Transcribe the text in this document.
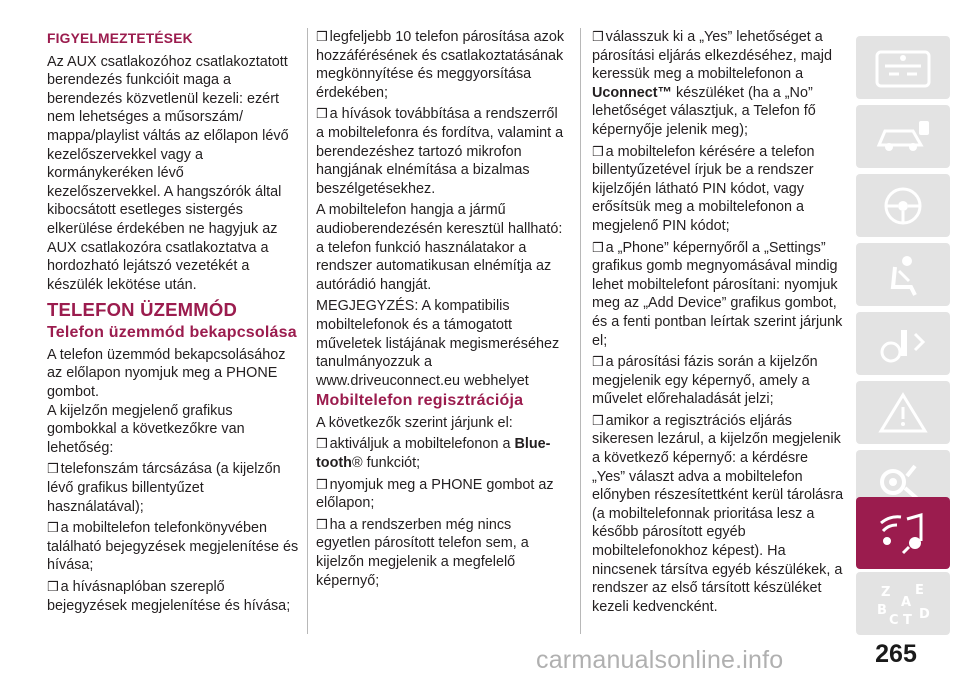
FIGYELMEZTETÉSEK

Az AUX csatlakozóhoz csatlakoztatott berendezés funkcióit maga a berendezés közvetlenül kezeli: ezért nem lehetséges a műsorszám/ mappa/playlist váltás az előlapon lévő kezelőszervekkel vagy a kormánykeréken lévő kezelőszervekkel. A hangszórók által kibocsátott esetleges sistergés elkerülése érdekében ne hagyjuk az AUX csatlakozóra csatlakoztatva a hordozható lejátszó vezetékét a készülék lekötése után.

TELEFON ÜZEMMÓD

Telefon üzemmód bekapcsolása

A telefon üzemmód bekapcsolásához az előlapon nyomjuk meg a PHONE gombot.
A kijelzőn megjelenő grafikus gombokkal a következőkre van lehetőség:

❒ telefonszám tárcsázása (a kijelzőn lévő grafikus billentyűzet használatával);

❒ a mobiltelefon telefonkönyvében található bejegyzések megjelenítése és hívása;

❒ a hívásnaplóban szereplő bejegyzések megjelenítése és hívása;

❒ legfeljebb 10 telefon párosítása azok hozzáférésének és csatlakoztatásának megkönnyítése és meggyorsítása érdekében;

❒ a hívások továbbítása a rendszerről a mobiltelefonra és fordítva, valamint a berendezéshez tartozó mikrofon hangjának elnémítása a bizalmas beszélgetésekhez.

A mobiltelefon hangja a jármű audioberendezésén keresztül hallható: a telefon funkció használatakor a rendszer automatikusan elnémítja az autórádió hangját.

MEGJEGYZÉS: A kompatibilis mobiltelefonok és a támogatott műveletek listájának megismeréséhez tanulmányozzuk a www.driveuconnect.eu webhelyet

Mobiltelefon regisztrációja

A következők szerint járjunk el:

❒ aktiváljuk a mobiltelefonon a Blue-tooth® funkciót;

❒ nyomjuk meg a PHONE gombot az előlapon;

❒ ha a rendszerben még nincs egyetlen párosított telefon sem, a kijelzőn megjelenik a megfelelő képernyő;

❒ válasszuk ki a „Yes” lehetőséget a párosítási eljárás elkezdéséhez, majd keressük meg a mobiltelefonon a Uconnect™ készüléket (ha a „No” lehetőséget választjuk, a Telefon fő képernyője jelenik meg);

❒ a mobiltelefon kérésére a telefon billentyűzetével írjuk be a rendszer kijelzőjén látható PIN kódot, vagy erősítsük meg a mobiltelefonon a megjelenő PIN kódot;

❒ a „Phone” képernyőről a „Settings” grafikus gomb megnyomásával mindig lehet mobiltelefont párosítani: nyomjuk meg az „Add Device” grafikus gombot, és a fenti pontban leírtak szerint járjunk el;

❒ a párosítási fázis során a kijelzőn megjelenik egy képernyő, amely a művelet előrehaladását jelzi;

❒ amikor a regisztrációs eljárás sikeresen lezárul, a kijelzőn megjelenik a következő képernyő: a kérdésre „Yes” választ adva a mobiltelefon előnyben részesítettként kerül tárolásra (a mobiltelefonnak prioritása lesz a később párosított egyéb mobiltelefonokhoz képest). Ha nincsenek társítva egyéb készülékek, a rendszer az első társított készüléket kezeli kedvencként.

Z E
A
B
C T D
265
carmanualsonline.info
